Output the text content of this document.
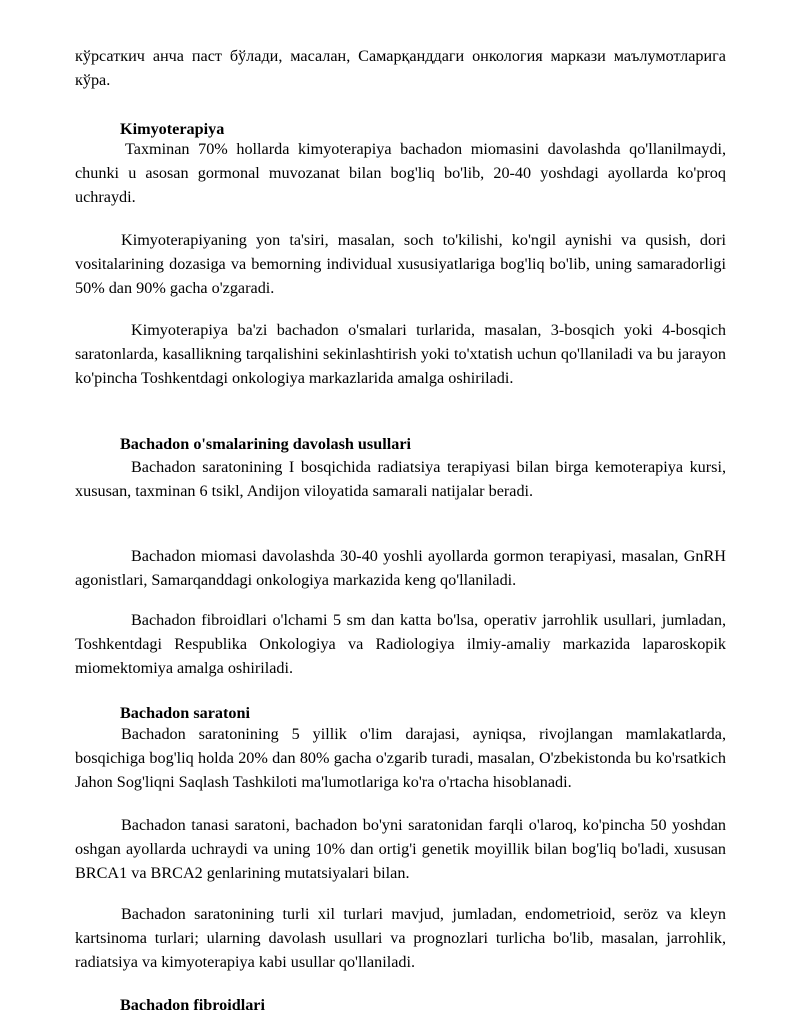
кўрсаткич анча паст бўлади, масалан, Самарқанддаги онкология маркази маълумотларига кўра.

Kimyoterapiya

Taxminan 70% hollarda kimyoterapiya bachadon miomasini davolashda qo'llanilmaydi, chunki u asosan gormonal muvozanat bilan bog'liq bo'lib, 20-40 yoshdagi ayollarda ko'proq uchraydi.

Kimyoterapiyaning yon ta'siri, masalan, soch to'kilishi, ko'ngil aynishi va qusish, dori vositalarining dozasiga va bemorning individual xususiyatlariga bog'liq bo'lib, uning samaradorligi 50% dan 90% gacha o'zgaradi.

Kimyoterapiya ba'zi bachadon o'smalari turlarida, masalan, 3-bosqich yoki 4-bosqich saratonlarda, kasallikning tarqalishini sekinlashtirish yoki to'xtatish uchun qo'llaniladi va bu jarayon ko'pincha Toshkentdagi onkologiya markazlarida amalga oshiriladi.

Bachadon o'smalarining davolash usullari

Bachadon saratonining I bosqichida radiatsiya terapiyasi bilan birga kemoterapiya kursi, xususan, taxminan 6 tsikl, Andijon viloyatida samarali natijalar beradi.

Bachadon miomasi davolashda 30-40 yoshli ayollarda gormon terapiyasi, masalan, GnRH agonistlari, Samarqanddagi onkologiya markazida keng qo'llaniladi.

Bachadon fibroidlari o'lchami 5 sm dan katta bo'lsa, operativ jarrohlik usullari, jumladan, Toshkentdagi Respublika Onkologiya va Radiologiya ilmiy-amaliy markazida laparoskopik miomektomiya amalga oshiriladi.

Bachadon saratoni

Bachadon saratonining 5 yillik o'lim darajasi, ayniqsa, rivojlangan mamlakatlarda, bosqichiga bog'liq holda 20% dan 80% gacha o'zgarib turadi, masalan, O'zbekistonda bu ko'rsatkich Jahon Sog'liqni Saqlash Tashkiloti ma'lumotlariga ko'ra o'rtacha hisoblanadi.

Bachadon tanasi saratoni, bachadon bo'yni saratonidan farqli o'laroq, ko'pincha 50 yoshdan oshgan ayollarda uchraydi va uning 10% dan ortig'i genetik moyillik bilan bog'liq bo'ladi, xususan BRCA1 va BRCA2 genlarining mutatsiyalari bilan.

Bachadon saratonining turli xil turlari mavjud, jumladan, endometrioid, seröz va kleyn kartsinoma turlari; ularning davolash usullari va prognozlari turlicha bo'lib, masalan, jarrohlik, radiatsiya va kimyoterapiya kabi usullar qo'llaniladi.

Bachadon fibroidlari
